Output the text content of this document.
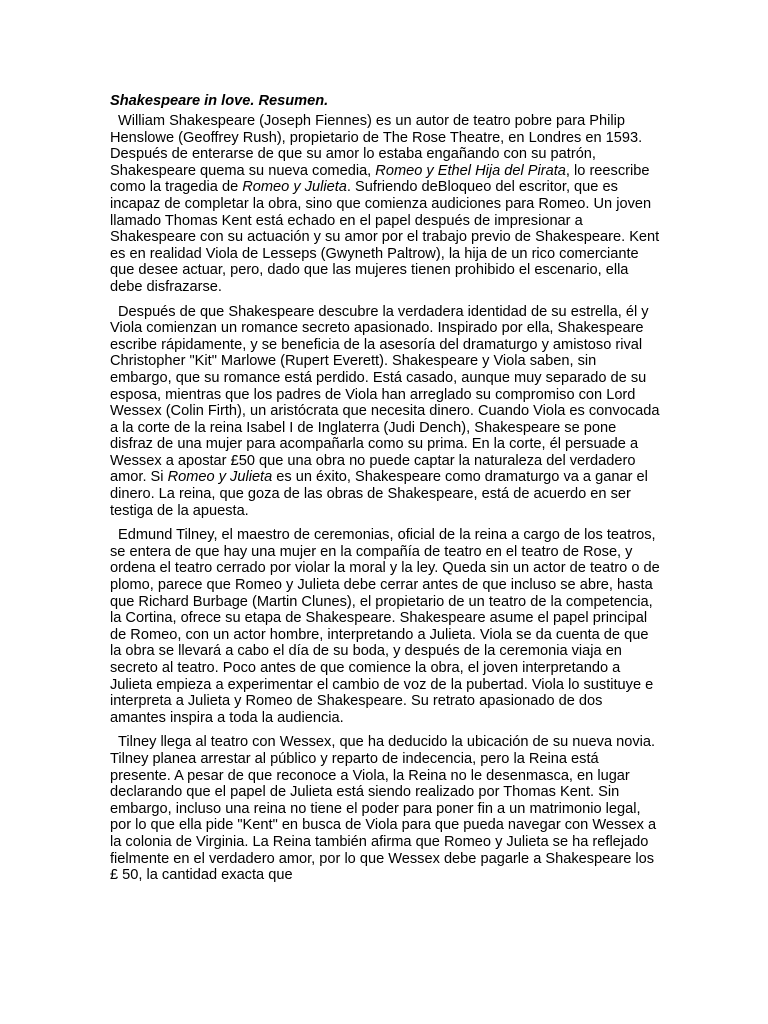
Shakespeare in love. Resumen.

William Shakespeare (Joseph Fiennes) es un autor de teatro pobre para Philip Henslowe (Geoffrey Rush), propietario de The Rose Theatre, en Londres en 1593. Después de enterarse de que su amor lo estaba engañando con su patrón, Shakespeare quema su nueva comedia, Romeo y Ethel Hija del Pirata, lo reescribe como la tragedia de Romeo y Julieta. Sufriendo deBloqueo del escritor, que es incapaz de completar la obra, sino que comienza audiciones para Romeo. Un joven llamado Thomas Kent está echado en el papel después de impresionar a Shakespeare con su actuación y su amor por el trabajo previo de Shakespeare. Kent es en realidad Viola de Lesseps (Gwyneth Paltrow), la hija de un rico comerciante que desee actuar, pero, dado que las mujeres tienen prohibido el escenario, ella debe disfrazarse.

Después de que Shakespeare descubre la verdadera identidad de su estrella, él y Viola comienzan un romance secreto apasionado. Inspirado por ella, Shakespeare escribe rápidamente, y se beneficia de la asesoría del dramaturgo y amistoso rival Christopher "Kit" Marlowe (Rupert Everett). Shakespeare y Viola saben, sin embargo, que su romance está perdido. Está casado, aunque muy separado de su esposa, mientras que los padres de Viola han arreglado su compromiso con Lord Wessex (Colin Firth), un aristócrata que necesita dinero. Cuando Viola es convocada a la corte de la reina Isabel I de Inglaterra (Judi Dench), Shakespeare se pone disfraz de una mujer para acompañarla como su prima. En la corte, él persuade a Wessex a apostar £50 que una obra no puede captar la naturaleza del verdadero amor. Si Romeo y Julieta es un éxito, Shakespeare como dramaturgo va a ganar el dinero. La reina, que goza de las obras de Shakespeare, está de acuerdo en ser testiga de la apuesta.

Edmund Tilney, el maestro de ceremonias, oficial de la reina a cargo de los teatros, se entera de que hay una mujer en la compañía de teatro en el teatro de Rose, y ordena el teatro cerrado por violar la moral y la ley. Queda sin un actor de teatro o de plomo, parece que Romeo y Julieta debe cerrar antes de que incluso se abre, hasta que Richard Burbage (Martin Clunes), el propietario de un teatro de la competencia, la Cortina, ofrece su etapa de Shakespeare. Shakespeare asume el papel principal de Romeo, con un actor hombre, interpretando a Julieta. Viola se da cuenta de que la obra se llevará a cabo el día de su boda, y después de la ceremonia viaja en secreto al teatro. Poco antes de que comience la obra, el joven interpretando a Julieta empieza a experimentar el cambio de voz de la pubertad. Viola lo sustituye e interpreta a Julieta y Romeo de Shakespeare. Su retrato apasionado de dos amantes inspira a toda la audiencia.

Tilney llega al teatro con Wessex, que ha deducido la ubicación de su nueva novia. Tilney planea arrestar al público y reparto de indecencia, pero la Reina está presente. A pesar de que reconoce a Viola, la Reina no le desenmasca, en lugar declarando que el papel de Julieta está siendo realizado por Thomas Kent. Sin embargo, incluso una reina no tiene el poder para poner fin a un matrimonio legal, por lo que ella pide "Kent" en busca de Viola para que pueda navegar con Wessex a la colonia de Virginia. La Reina también afirma que Romeo y Julieta se ha reflejado fielmente en el verdadero amor, por lo que Wessex debe pagarle a Shakespeare los £ 50, la cantidad exacta que
